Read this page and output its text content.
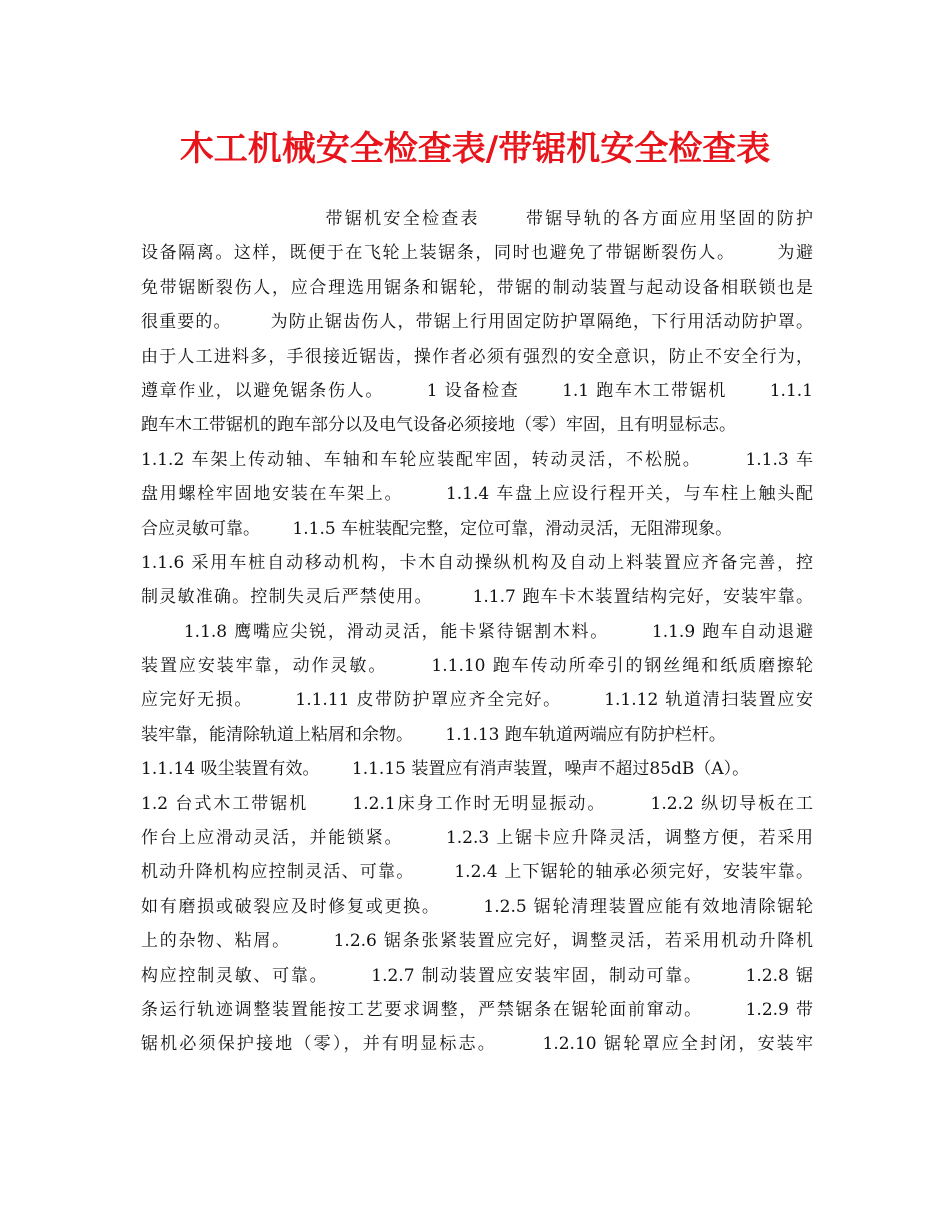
木工机械安全检查表/带锯机安全检查表
带锯机安全检查表      带锯导轨的各方面应用坚固的防护
设备隔离。这样，既便于在飞轮上装锯条，同时也避免了带锯断裂伤人。      为避
免带锯断裂伤人，应合理选用锯条和锯轮，带锯的制动装置与起动设备相联锁也是
很重要的。      为防止锯齿伤人，带锯上行用固定防护罩隔绝，下行用活动防护罩。
由于人工进料多，手很接近锯齿，操作者必须有强烈的安全意识，防止不安全行为，
遵章作业，以避免锯条伤人。      1 设备检查      1.1 跑车木工带锯机      1.1.1
跑车木工带锯机的跑车部分以及电气设备必须接地（零）牢固，且有明显标志。
1.1.2 车架上传动轴、车轴和车轮应装配牢固，转动灵活，不松脱。      1.1.3 车
盘用螺栓牢固地安装在车架上。      1.1.4 车盘上应设行程开关，与车柱上触头配
合应灵敏可靠。      1.1.5 车桩装配完整，定位可靠，滑动灵活，无阻滞现象。
1.1.6 采用车桩自动移动机构，卡木自动操纵机构及自动上料装置应齐备完善，控
制灵敏准确。控制失灵后严禁使用。      1.1.7 跑车卡木装置结构完好，安装牢靠。
1.1.8 鹰嘴应尖锐，滑动灵活，能卡紧待锯割木料。      1.1.9 跑车自动退避
装置应安装牢靠，动作灵敏。      1.1.10 跑车传动所牵引的钢丝绳和纸质磨擦轮
应完好无损。      1.1.11 皮带防护罩应齐全完好。      1.1.12 轨道清扫装置应安
装牢靠，能清除轨道上粘屑和余物。      1.1.13 跑车轨道两端应有防护栏杆。
1.1.14 吸尘装置有效。      1.1.15 装置应有消声装置，噪声不超过85dB（A）。
1.2 台式木工带锯机      1.2.1床身工作时无明显振动。      1.2.2 纵切导板在工
作台上应滑动灵活，并能锁紧。      1.2.3 上锯卡应升降灵活，调整方便，若采用
机动升降机构应控制灵活、可靠。      1.2.4 上下锯轮的轴承必须完好，安装牢靠。
如有磨损或破裂应及时修复或更换。      1.2.5 锯轮清理装置应能有效地清除锯轮
上的杂物、粘屑。      1.2.6 锯条张紧装置应完好，调整灵活，若采用机动升降机
构应控制灵敏、可靠。      1.2.7 制动装置应安装牢固，制动可靠。      1.2.8 锯
条运行轨迹调整装置能按工艺要求调整，严禁锯条在锯轮面前窜动。      1.2.9 带
锯机必须保护接地（零），并有明显标志。      1.2.10 锯轮罩应全封闭，安装牢
